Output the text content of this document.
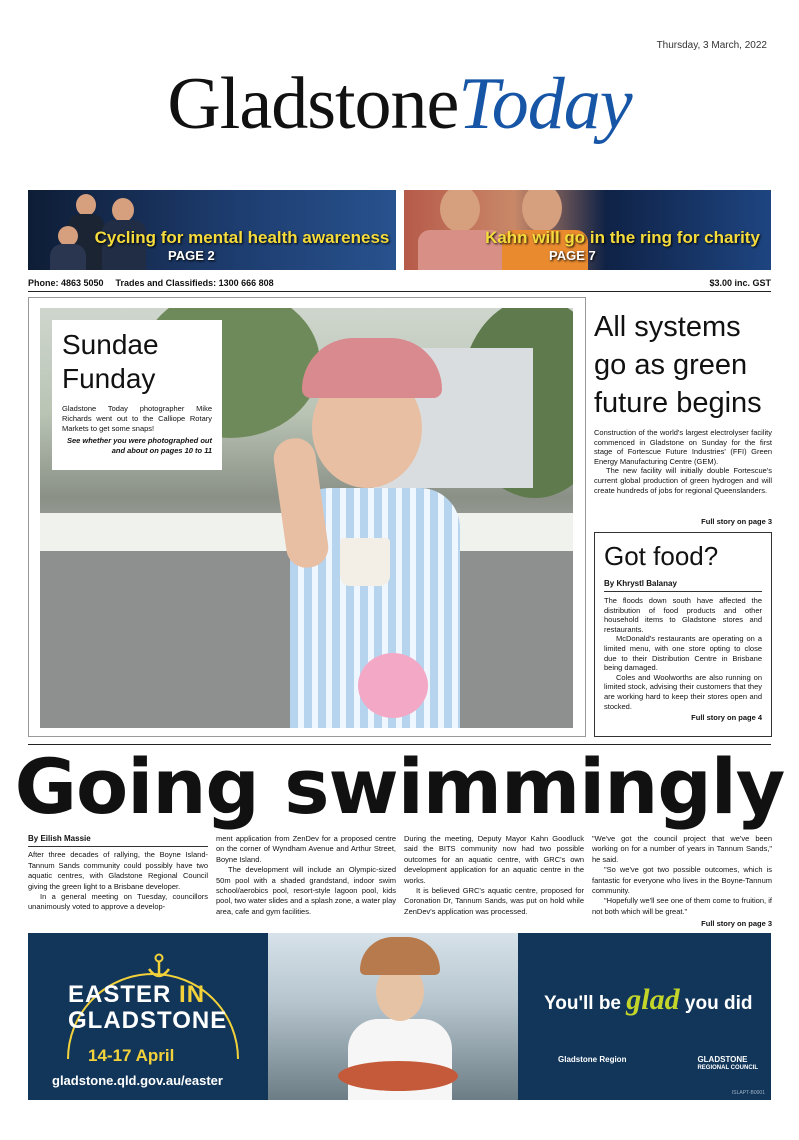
Thursday, 3 March, 2022
GladstoneToday
Cycling for mental health awareness
PAGE 2
Kahn will go in the ring for charity
PAGE 7
Phone: 4863 5050 Trades and Classifieds: 1300 666 808	$3.00 inc. GST
Sundae
Funday
Gladstone Today photographer Mike Richards went out to the Calliope Rotary Markets to get some snaps!
See whether you were photographed out and about on pages 10 to 11
All systems go as green future begins

Construction of the world's largest electrolyser facility commenced in Gladstone on Sunday for the first stage of Fortescue Future Industries' (FFI) Green Energy Manufacturing Centre (GEM).

The new facility will initially double Fortescue's current global production of green hydrogen and will create hundreds of jobs for regional Queenslanders.

Full story on page 3
Got food?
By Khrystl Balanay

The floods down south have affected the distribution of food products and other household items to Gladstone stores and restaurants.

McDonald's restaurants are operating on a limited menu, with one store opting to close due to their Distribution Centre in Brisbane being damaged.

Coles and Woolworths are also running on limited stock, advising their customers that they are working hard to keep their stores open and stocked.

Full story on page 4
Going swimmingly
By Eilish Massie

After three decades of rallying, the Boyne Island-Tannum Sands community could possibly have two aquatic centres, with Gladstone Regional Council giving the green light to a Brisbane developer.

In a general meeting on Tuesday, councillors unanimously voted to approve a develop-

ment application from ZenDev for a proposed centre on the corner of Wyndham Avenue and Arthur Street, Boyne Island.

The development will include an Olympic-sized 50m pool with a shaded grandstand, indoor swim school/aerobics pool, resort-style lagoon pool, kids pool, two water slides and a splash zone, a water play area, cafe and gym facilities.

During the meeting, Deputy Mayor Kahn Goodluck said the BITS community now had two possible outcomes for an aquatic centre, with GRC's own development application for an aquatic centre in the works.

It is believed GRC's aquatic centre, proposed for Coronation Dr, Tannum Sands, was put on hold while ZenDev's application was processed.

"We've got the council project that we've been working on for a number of years in Tannum Sands," he said.

"So we've got two possible outcomes, which is fantastic for everyone who lives in the Boyne-Tannum community.

"Hopefully we'll see one of them come to fruition, if not both which will be great."

Full story on page 3
EASTER IN
GLADSTONE
14-17 April
gladstone.qld.gov.au/easter
You'll be glad you did
Gladstone Region	GLADSTONE
REGIONAL COUNCIL
ISLAPT-B0001
